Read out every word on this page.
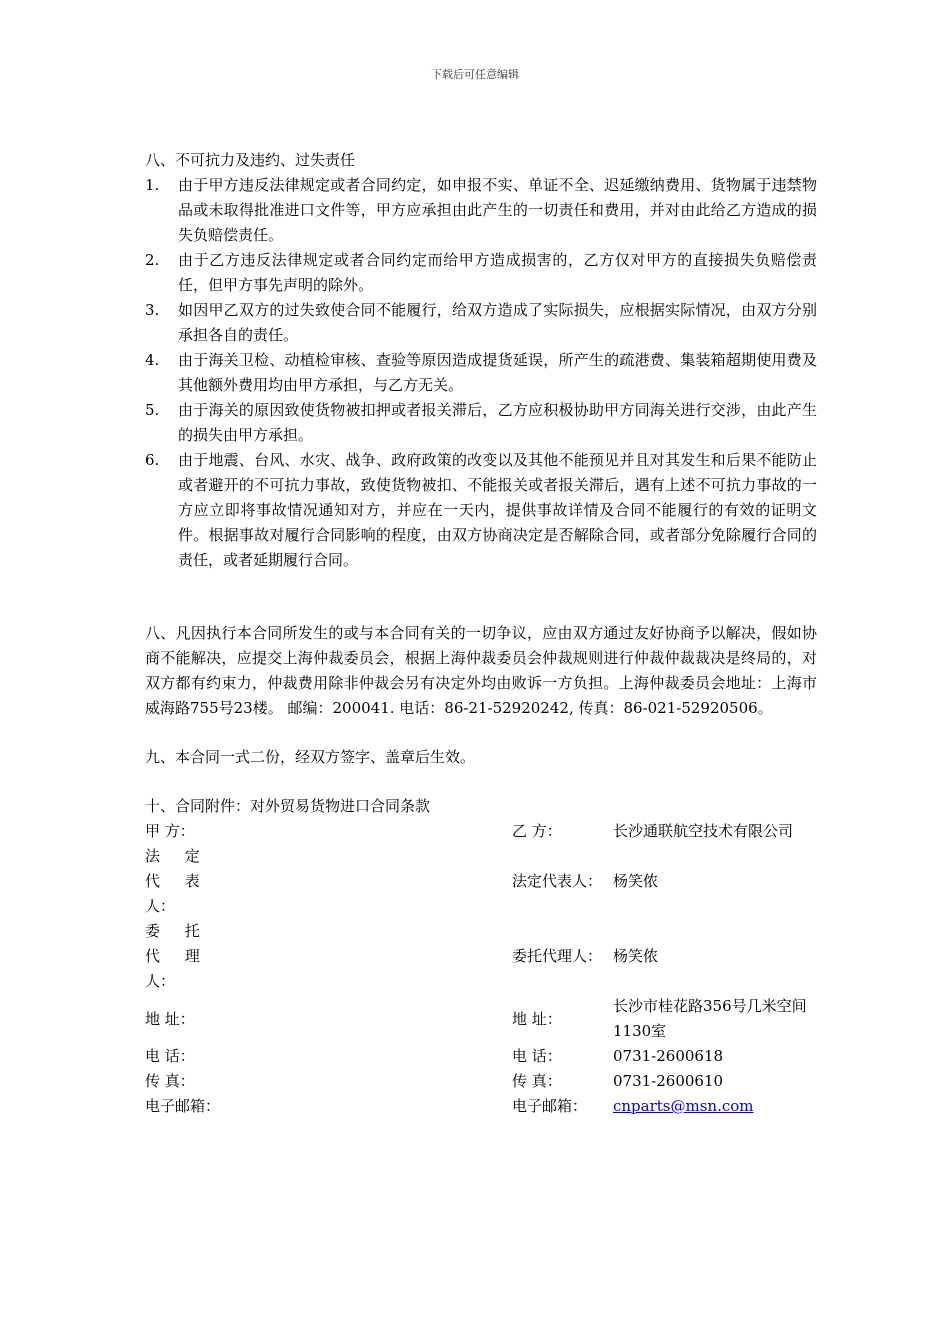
下载后可任意编辑

八、不可抗力及违约、过失责任

1.	由于甲方违反法律规定或者合同约定，如申报不实、单证不全、迟延缴纳费用、货物属于违禁物品或未取得批准进口文件等，甲方应承担由此产生的一切责任和费用，并对由此给乙方造成的损失负赔偿责任。
2.	由于乙方违反法律规定或者合同约定而给甲方造成损害的，乙方仅对甲方的直接损失负赔偿责任，但甲方事先声明的除外。
3.	如因甲乙双方的过失致使合同不能履行，给双方造成了实际损失，应根据实际情况，由双方分别承担各自的责任。
4.	由于海关卫检、动植检审核、查验等原因造成提货延误，所产生的疏港费、集装箱超期使用费及其他额外费用均由甲方承担，与乙方无关。
5.	由于海关的原因致使货物被扣押或者报关滞后，乙方应积极协助甲方同海关进行交涉，由此产生的损失由甲方承担。
6.	由于地震、台风、水灾、战争、政府政策的改变以及其他不能预见并且对其发生和后果不能防止或者避开的不可抗力事故，致使货物被扣、不能报关或者报关滞后，遇有上述不可抗力事故的一方应立即将事故情况通知对方，并应在一天内，提供事故详情及合同不能履行的有效的证明文件。根据事故对履行合同影响的程度，由双方协商决定是否解除合同，或者部分免除履行合同的责任，或者延期履行合同。

八、凡因执行本合同所发生的或与本合同有关的一切争议，应由双方通过友好协商予以解决，假如协商不能解决，应提交上海仲裁委员会，根据上海仲裁委员会仲裁规则进行仲裁仲裁裁决是终局的，对双方都有约束力，仲裁费用除非仲裁会另有决定外均由败诉一方负担。上海仲裁委员会地址：上海市威海路755号23楼。 邮编：200041. 电话：86-21-52920242, 传真：86-021-52920506。

九、本合同一式二份，经双方签字、盖章后生效。

十、合同附件：对外贸易货物进口合同条款

甲 方：		乙 方：	长沙通联航空技术有限公司

法 定 代 表
人：		法定代表人：	杨笑侬

委 托 代 理
人：		委托代理人：	杨笑侬
地 址：		地 址：	长沙市桂花路356号几米空间
1130室

电 话：		电 话：	0731-2600618
传 真：		传 真：	0731-2600610
电子邮箱：		电子邮箱：	cnparts@msn.com
